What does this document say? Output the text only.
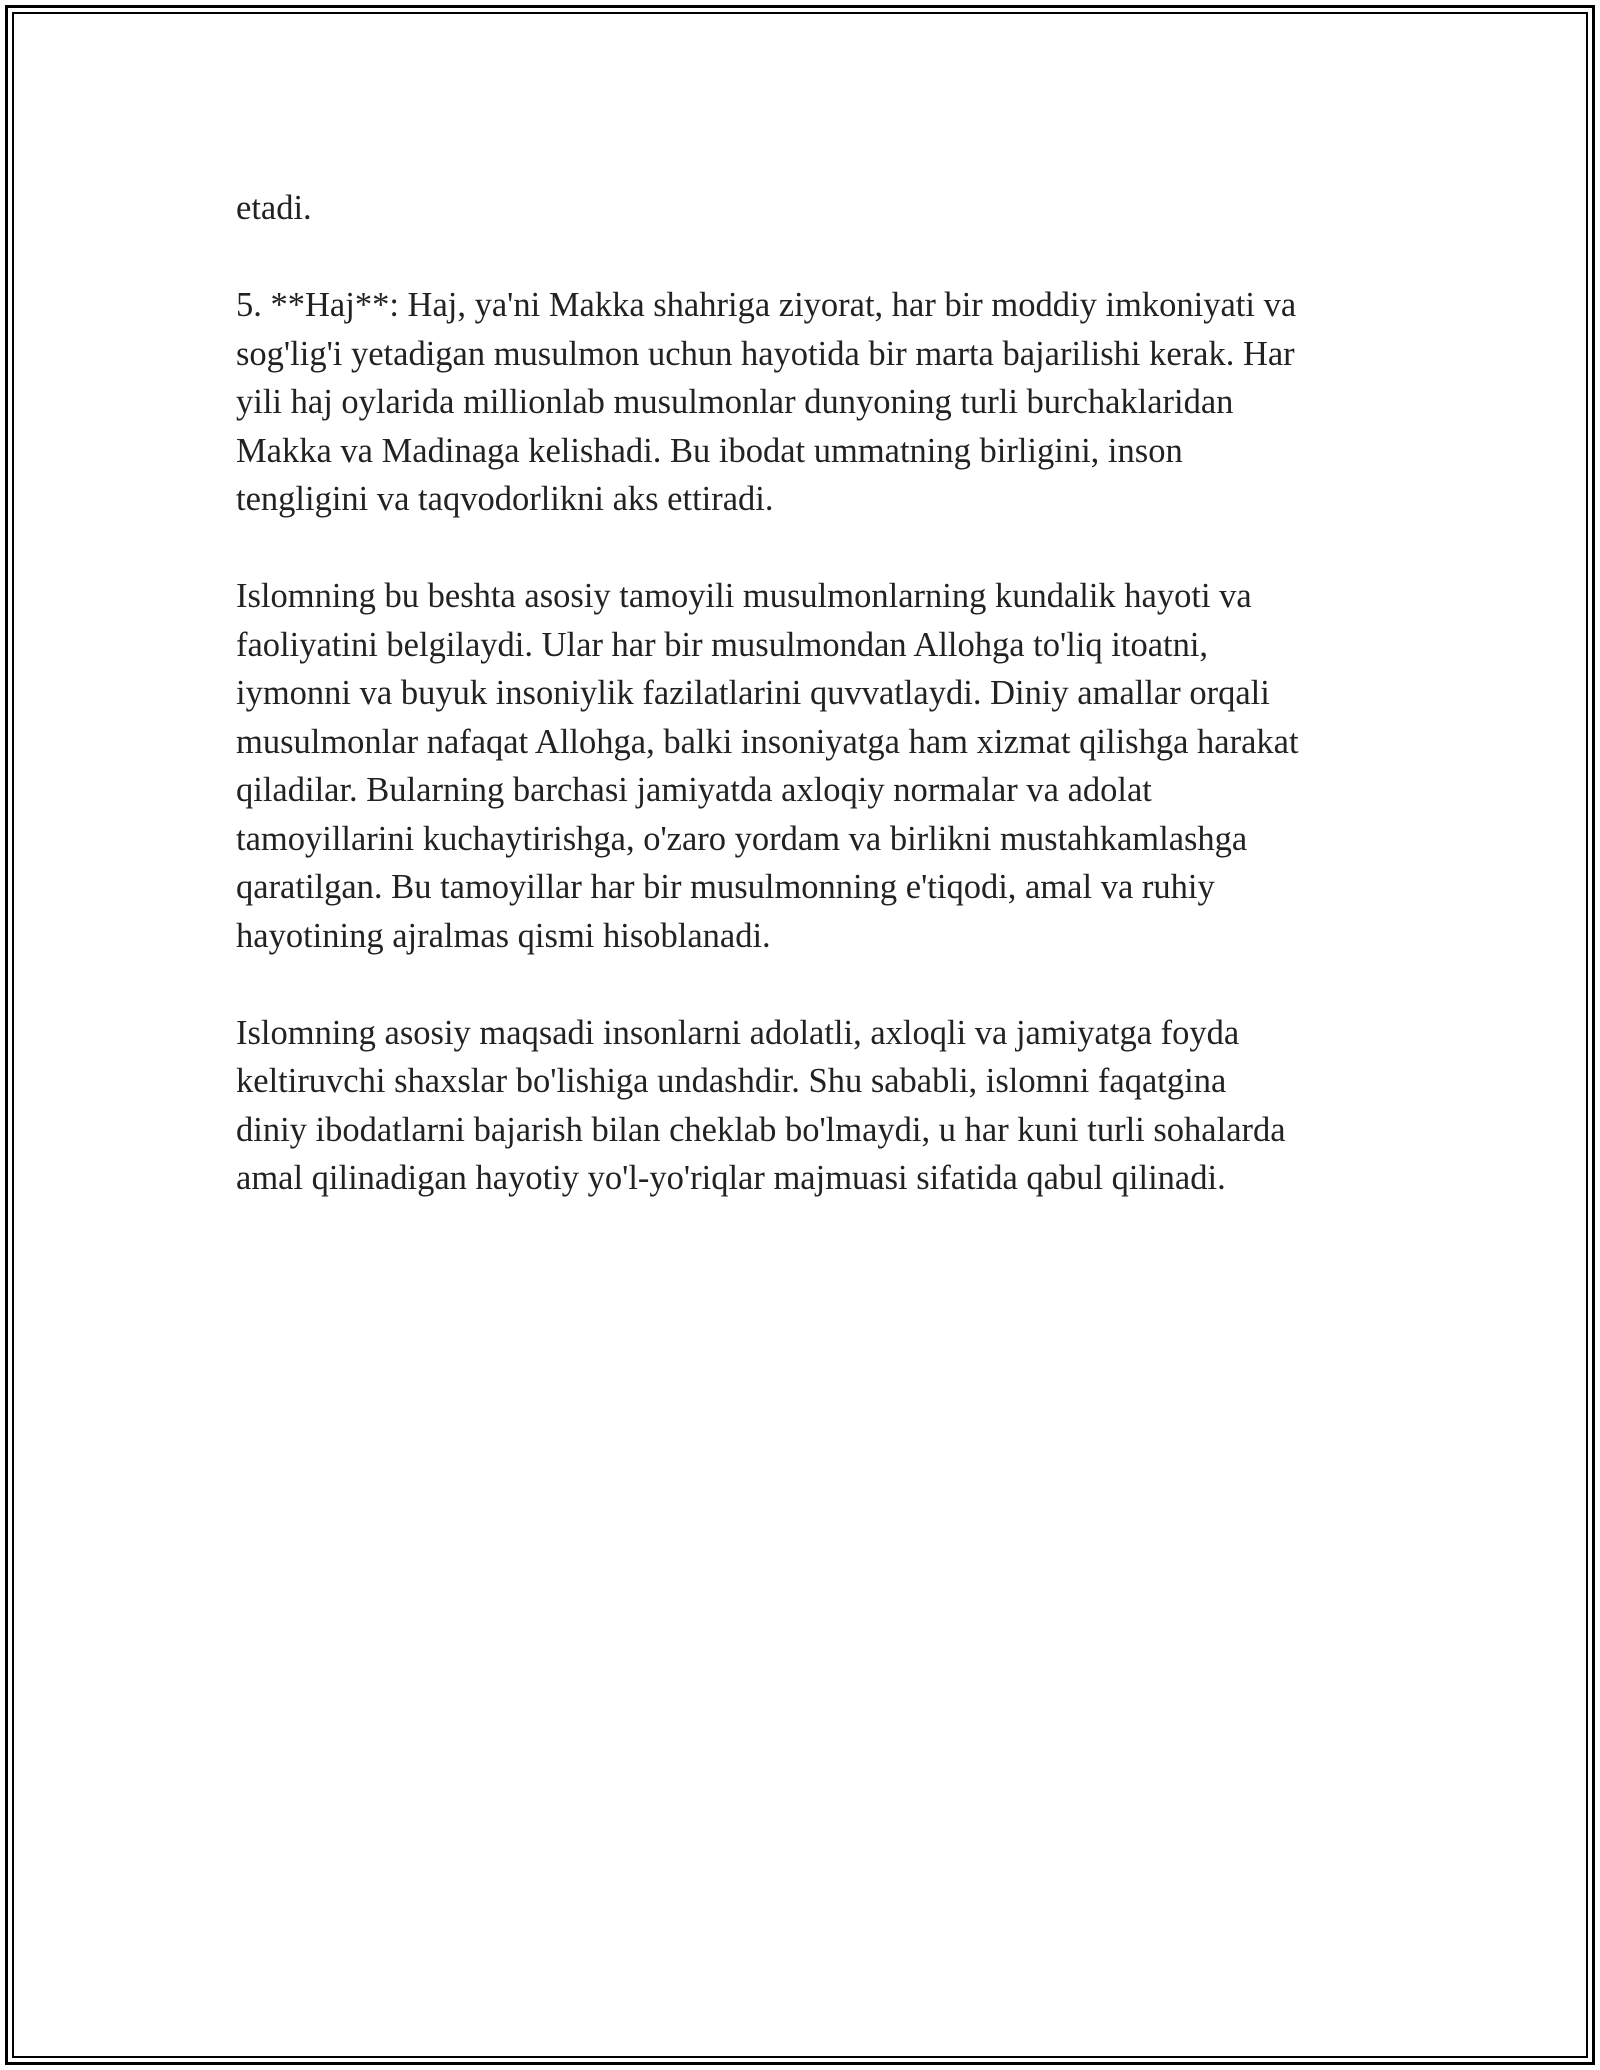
etadi.

5. **Haj**: Haj, ya'ni Makka shahriga ziyorat, har bir moddiy imkoniyati va
sog'lig'i yetadigan musulmon uchun hayotida bir marta bajarilishi kerak. Har
yili haj oylarida millionlab musulmonlar dunyoning turli burchaklaridan
Makka va Madinaga kelishadi. Bu ibodat ummatning birligini, inson
tengligini va taqvodorlikni aks ettiradi.

Islomning bu beshta asosiy tamoyili musulmonlarning kundalik hayoti va
faoliyatini belgilaydi. Ular har bir musulmondan Allohga to'liq itoatni,
iymonni va buyuk insoniylik fazilatlarini quvvatlaydi. Diniy amallar orqali
musulmonlar nafaqat Allohga, balki insoniyatga ham xizmat qilishga harakat
qiladilar. Bularning barchasi jamiyatda axloqiy normalar va adolat
tamoyillarini kuchaytirishga, o'zaro yordam va birlikni mustahkamlashga
qaratilgan. Bu tamoyillar har bir musulmonning e'tiqodi, amal va ruhiy
hayotining ajralmas qismi hisoblanadi.

Islomning asosiy maqsadi insonlarni adolatli, axloqli va jamiyatga foyda
keltiruvchi shaxslar bo'lishiga undashdir. Shu sababli, islomni faqatgina
diniy ibodatlarni bajarish bilan cheklab bo'lmaydi, u har kuni turli sohalarda
amal qilinadigan hayotiy yo'l-yo'riqlar majmuasi sifatida qabul qilinadi.
